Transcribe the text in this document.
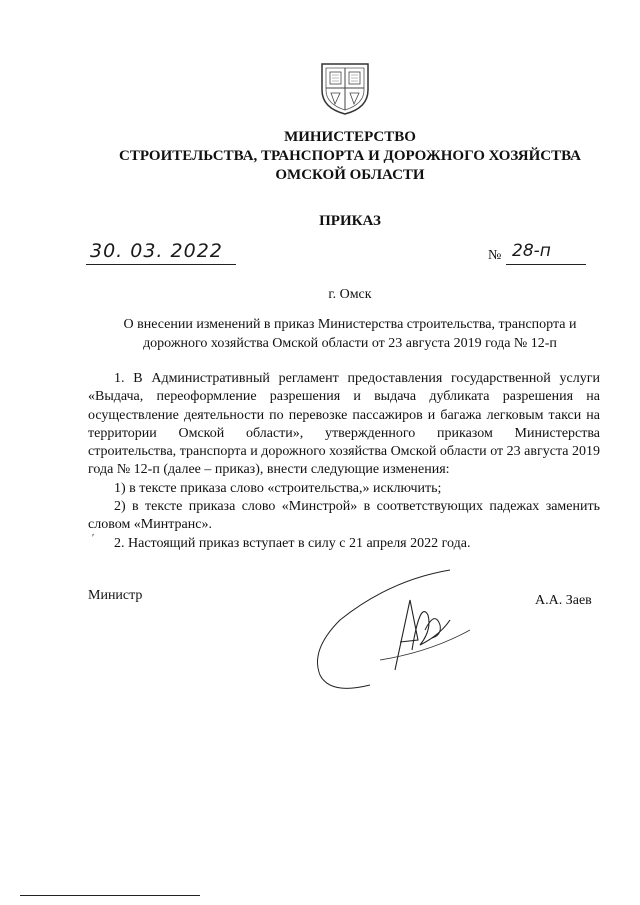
МИНИСТЕРСТВО
СТРОИТЕЛЬСТВА, ТРАНСПОРТА И ДОРОЖНОГО ХОЗЯЙСТВА
ОМСКОЙ ОБЛАСТИ
ПРИКАЗ
30. 03. 2022	№ 28-п
г. Омск
О внесении изменений в приказ Министерства строительства, транспорта и
дорожного хозяйства Омской области от 23 августа 2019 года № 12-п

1. В Административный регламент предоставления государственной услуги «Выдача, переоформление разрешения и выдача дубликата разрешения на осуществление деятельности по перевозке пассажиров и багажа легковым такси на территории Омской области», утвержденного приказом Министерства строительства, транспорта и дорожного хозяйства Омской области от 23 августа 2019 года № 12-п (далее – приказ), внести следующие изменения:

1) в тексте приказа слово «строительства,» исключить;

2) в тексте приказа слово «Минстрой» в соответствующих падежах заменить словом «Минтранс».

2. Настоящий приказ вступает в силу с 21 апреля 2022 года.

′
Министр	А.А. Заев
